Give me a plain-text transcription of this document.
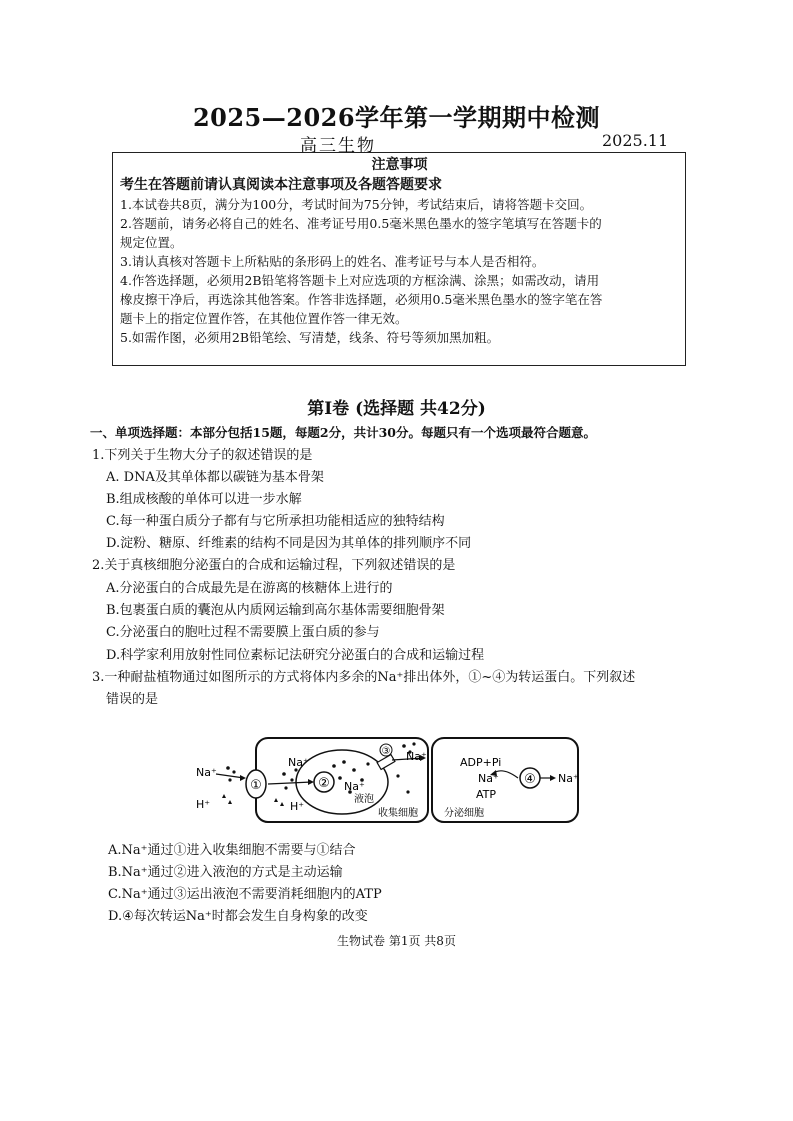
2025—2026学年第一学期期中检测
高三生物	2025.11
注意事项
考生在答题前请认真阅读本注意事项及各题答题要求
1.本试卷共8页，满分为100分，考试时间为75分钟，考试结束后，请将答题卡交回。
2.答题前，请务必将自己的姓名、准考证号用0.5毫米黑色墨水的签字笔填写在答题卡的
规定位置。
3.请认真核对答题卡上所粘贴的条形码上的姓名、准考证号与本人是否相符。
4.作答选择题，必须用2B铅笔将答题卡上对应选项的方框涂满、涂黑；如需改动，请用
橡皮擦干净后，再选涂其他答案。作答非选择题，必须用0.5毫米黑色墨水的签字笔在答
题卡上的指定位置作答，在其他位置作答一律无效。
5.如需作图，必须用2B铅笔绘、写清楚，线条、符号等须加黑加粗。
第I卷 (选择题 共42分)
一、单项选择题：本部分包括15题，每题2分，共计30分。每题只有一个选项最符合题意。
1.下列关于生物大分子的叙述错误的是
A. DNA及其单体都以碳链为基本骨架
B.组成核酸的单体可以进一步水解
C.每一种蛋白质分子都有与它所承担功能相适应的独特结构
D.淀粉、糖原、纤维素的结构不同是因为其单体的排列顺序不同
2.关于真核细胞分泌蛋白的合成和运输过程，下列叙述错误的是
A.分泌蛋白的合成最先是在游离的核糖体上进行的
B.包裹蛋白质的囊泡从内质网运输到高尔基体需要细胞骨架
C.分泌蛋白的胞吐过程不需要膜上蛋白质的参与
D.科学家利用放射性同位素标记法研究分泌蛋白的合成和运输过程
3.一种耐盐植物通过如图所示的方式将体内多余的Na⁺排出体外，①~④为转运蛋白。下列叙述
错误的是
①	②
③
④
Na⁺
H⁺
Na⁺
Na⁺
H⁺
Na⁺	ADP+Pi
Na⁺
ATP
Na⁺
液泡
收集细胞	分泌细胞
A.Na⁺通过①进入收集细胞不需要与①结合
B.Na⁺通过②进入液泡的方式是主动运输
C.Na⁺通过③运出液泡不需要消耗细胞内的ATP
D.④每次转运Na⁺时都会发生自身构象的改变
生物试卷 第1页 共8页
